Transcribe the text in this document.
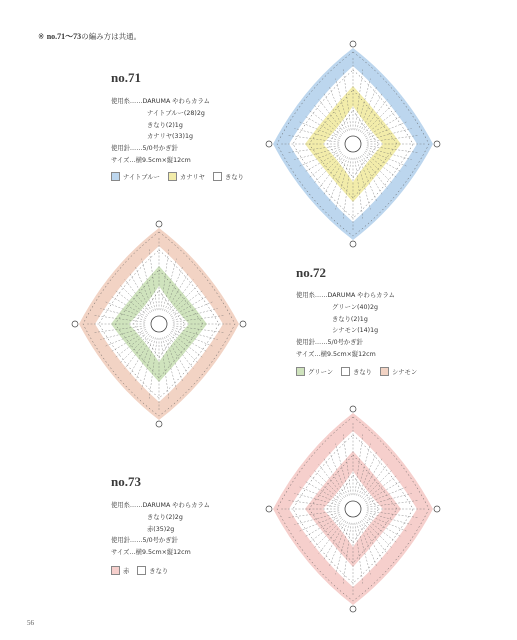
※ no.71～73の編み方は共通。
no.71
使用糸……DARUMA やわらカラム
ナイトブルー(28)2g
きなり(2)1g
カナリヤ(33)1g
使用針……5/0号かぎ針
サイズ…横9.5cm×縦12cm
ナイトブルー	カナリヤ	きなり
no.72
使用糸……DARUMA やわらカラム
グリーン(40)2g
きなり(2)1g
シナモン(14)1g
使用針……5/0号かぎ針
サイズ…横9.5cm×縦12cm
グリーン	きなり	シナモン
no.73
使用糸……DARUMA やわらカラム
きなり(2)2g
赤(35)2g
使用針……5/0号かぎ針
サイズ…横9.5cm×縦12cm
赤	きなり
56
